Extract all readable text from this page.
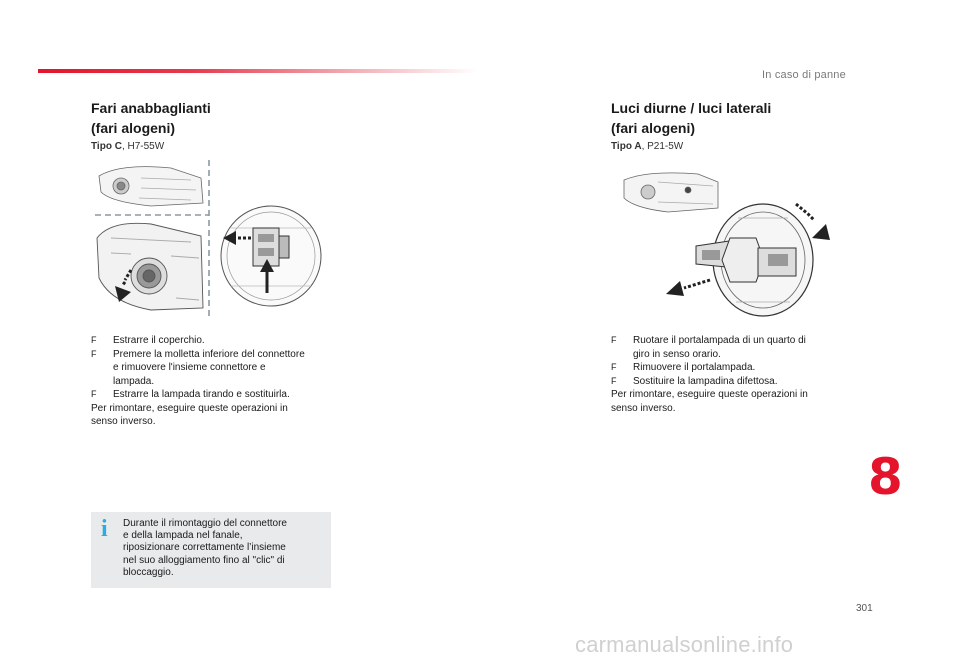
In caso di panne
Fari anabbaglianti
(fari alogeni)
Tipo C, H7-55W
F Estrarre il coperchio.
F Premere la molletta inferiore del connettore
e rimuovere l'insieme connettore e
lampada.
F Estrarre la lampada tirando e sostituirla.
Per rimontare, eseguire queste operazioni in
senso inverso.
i Durante il rimontaggio del connettore
e della lampada nel fanale,
riposizionare correttamente l’insieme
nel suo alloggiamento fino al "clic" di
bloccaggio.
Luci diurne / luci laterali
(fari alogeni)
Tipo A, P21-5W
F Ruotare il portalampada di un quarto di
giro in senso orario.
F Rimuovere il portalampada.
F Sostituire la lampadina difettosa.
Per rimontare, eseguire queste operazioni in
senso inverso.
8
301
carmanualsonline.info
